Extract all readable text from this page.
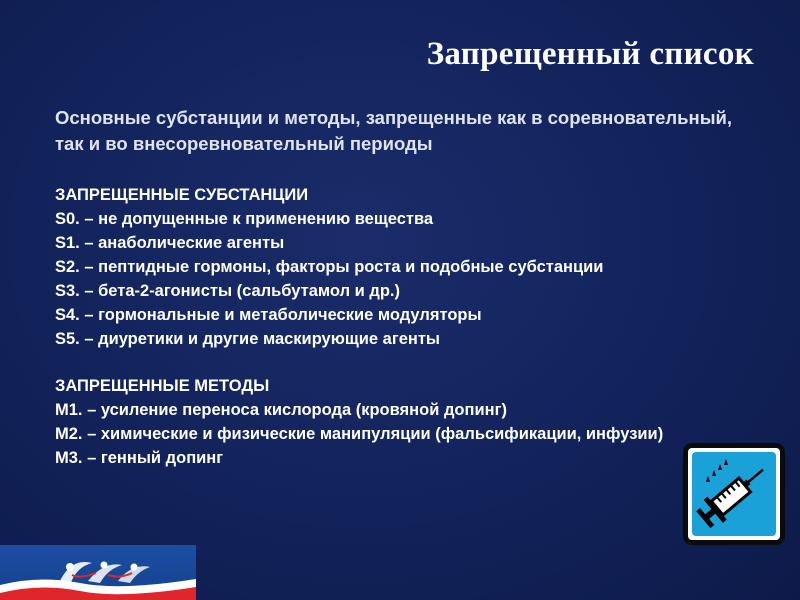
Запрещенный список

Основные субстанции и методы, запрещенные как в соревновательный, так и во внесоревновательный периоды

ЗАПРЕЩЕННЫЕ СУБСТАНЦИИ
S0. – не допущенные к применению вещества
S1. – анаболические агенты
S2. – пептидные гормоны, факторы роста и подобные субстанции
S3. – бета-2-агонисты (сальбутамол и др.)
S4. – гормональные и метаболические модуляторы
S5. – диуретики и другие маскирующие агенты
ЗАПРЕЩЕННЫЕ МЕТОДЫ
M1. – усиление переноса кислорода (кровяной допинг)
M2. – химические и физические манипуляции (фальсификации, инфузии)
M3. – генный допинг
